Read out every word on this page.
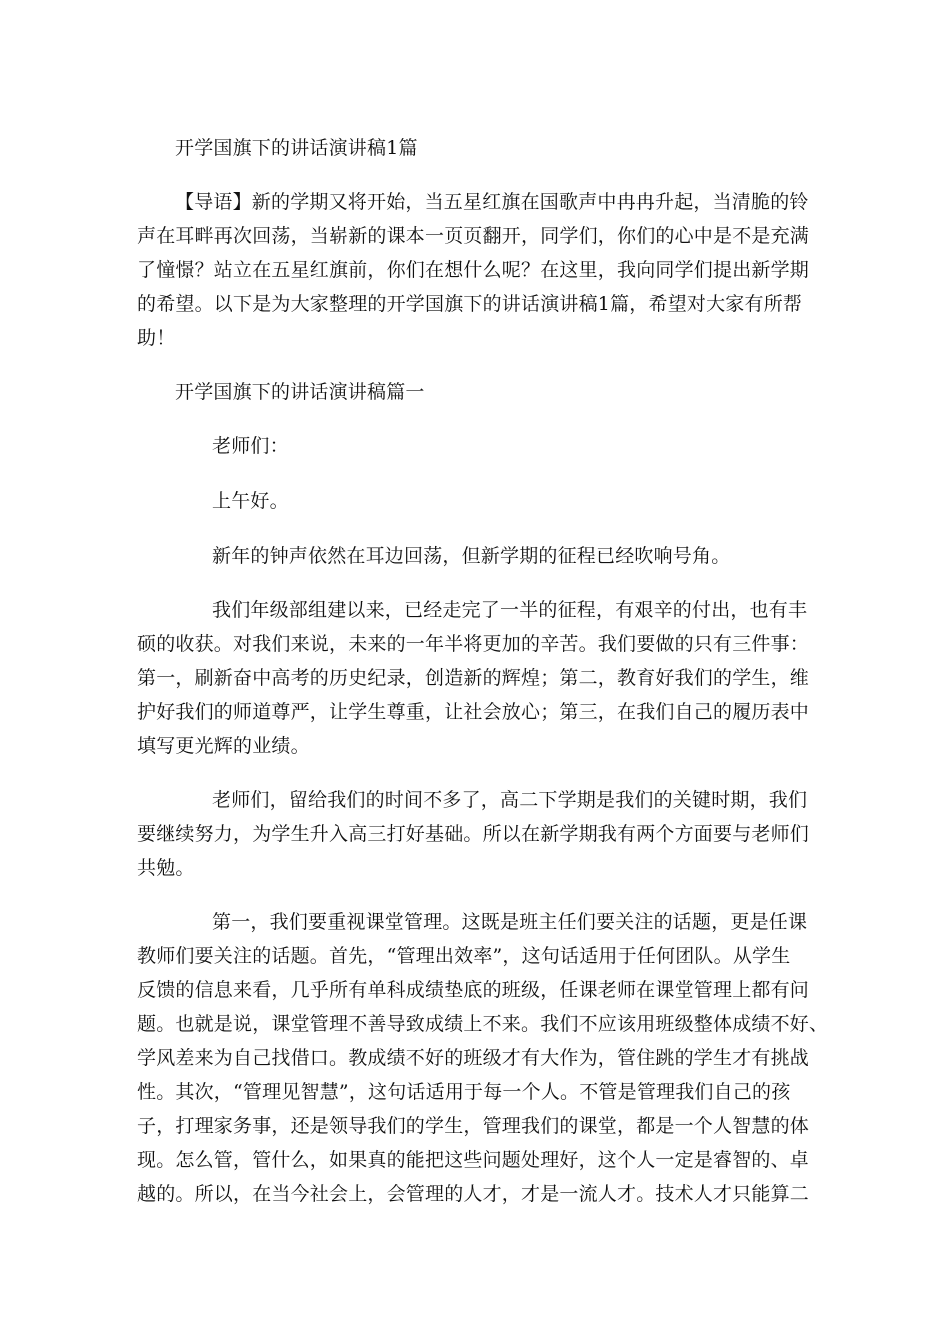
开学国旗下的讲话演讲稿1篇
【导语】新的学期又将开始，当五星红旗在国歌声中冉冉升起，当清脆的铃
声在耳畔再次回荡，当崭新的课本一页页翻开，同学们，你们的心中是不是充满
了憧憬？站立在五星红旗前，你们在想什么呢？在这里，我向同学们提出新学期
的希望。以下是为大家整理的开学国旗下的讲话演讲稿1篇，希望对大家有所帮
助！
开学国旗下的讲话演讲稿篇一
老师们：
上午好。
新年的钟声依然在耳边回荡，但新学期的征程已经吹响号角。
我们年级部组建以来，已经走完了一半的征程，有艰辛的付出，也有丰
硕的收获。对我们来说，未来的一年半将更加的辛苦。我们要做的只有三件事：
第一，刷新奋中高考的历史纪录，创造新的辉煌；第二，教育好我们的学生，维
护好我们的师道尊严，让学生尊重，让社会放心；第三，在我们自己的履历表中
填写更光辉的业绩。
老师们，留给我们的时间不多了，高二下学期是我们的关键时期，我们
要继续努力，为学生升入高三打好基础。所以在新学期我有两个方面要与老师们
共勉。
第一，我们要重视课堂管理。这既是班主任们要关注的话题，更是任课
教师们要关注的话题。首先，“管理出效率”，这句话适用于任何团队。从学生
反馈的信息来看，几乎所有单科成绩垫底的班级，任课老师在课堂管理上都有问
题。也就是说，课堂管理不善导致成绩上不来。我们不应该用班级整体成绩不好、
学风差来为自己找借口。教成绩不好的班级才有大作为，管住跳的学生才有挑战
性。其次，“管理见智慧”，这句话适用于每一个人。不管是管理我们自己的孩
子，打理家务事，还是领导我们的学生，管理我们的课堂，都是一个人智慧的体
现。怎么管，管什么，如果真的能把这些问题处理好，这个人一定是睿智的、卓
越的。所以，在当今社会上，会管理的人才，才是一流人才。技术人才只能算二
